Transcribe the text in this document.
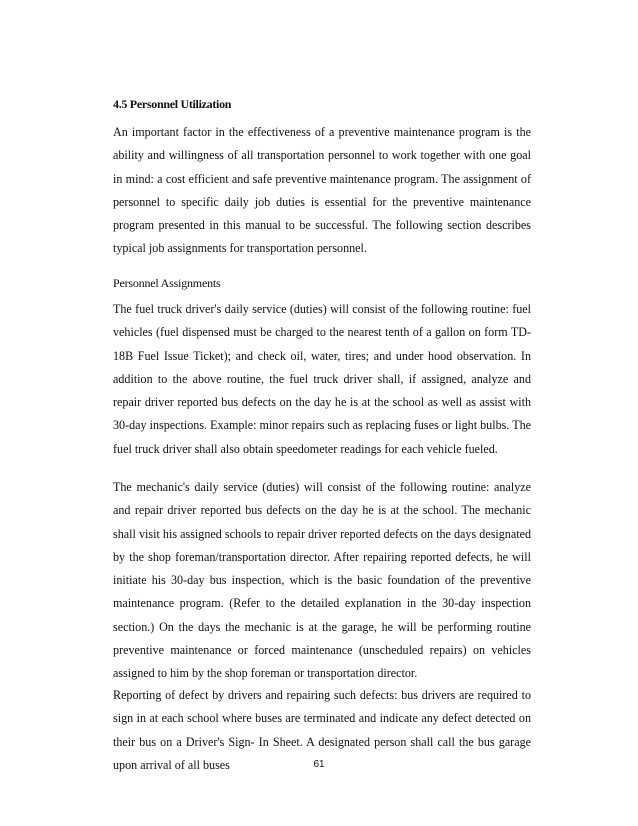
4.5 Personnel Utilization

An important factor in the effectiveness of a preventive maintenance program is the ability and willingness of all transportation personnel to work together with one goal in mind: a cost efficient and safe preventive maintenance program. The assignment of personnel to specific daily job duties is essential for the preventive maintenance program presented in this manual to be successful. The following section describes typical job assignments for transportation personnel.

Personnel Assignments

The fuel truck driver's daily service (duties) will consist of the following routine: fuel vehicles (fuel dispensed must be charged to the nearest tenth of a gallon on form TD-18B Fuel Issue Ticket); and check oil, water, tires; and under hood observation. In addition to the above routine, the fuel truck driver shall, if assigned, analyze and repair driver reported bus defects on the day he is at the school as well as assist with 30-day inspections. Example: minor repairs such as replacing fuses or light bulbs. The fuel truck driver shall also obtain speedometer readings for each vehicle fueled.

The mechanic's daily service (duties) will consist of the following routine: analyze and repair driver reported bus defects on the day he is at the school. The mechanic shall visit his assigned schools to repair driver reported defects on the days designated by the shop foreman/transportation director. After repairing reported defects, he will initiate his 30-day bus inspection, which is the basic foundation of the preventive maintenance program. (Refer to the detailed explanation in the 30-day inspection section.) On the days the mechanic is at the garage, he will be performing routine preventive maintenance or forced maintenance (unscheduled repairs) on vehicles assigned to him by the shop foreman or transportation director.

Reporting of defect by drivers and repairing such defects: bus drivers are required to sign in at each school where buses are terminated and indicate any defect detected on their bus on a Driver's Sign- In Sheet. A designated person shall call the bus garage upon arrival of all buses	61
